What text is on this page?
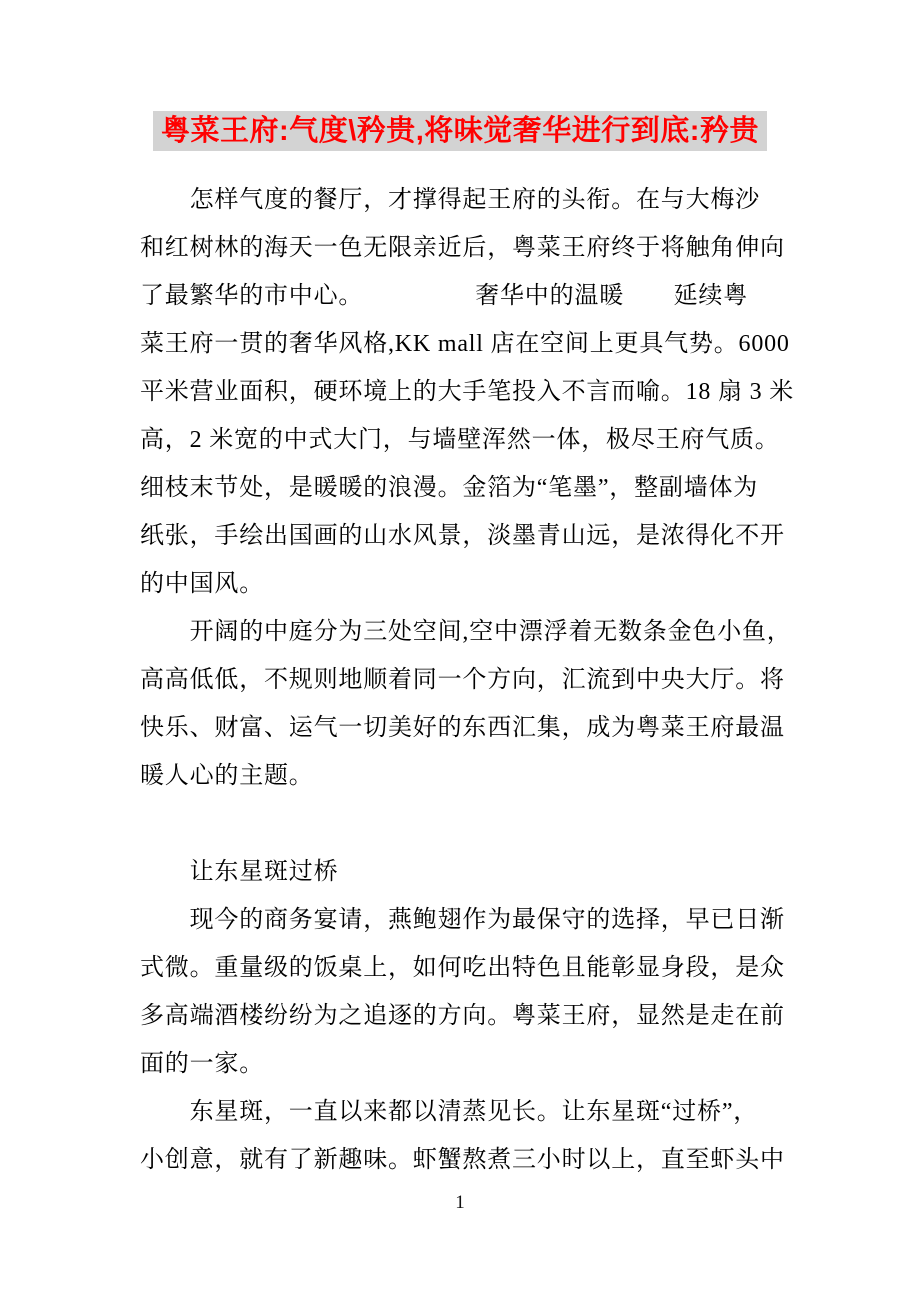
粤菜王府:气度\矜贵,将味觉奢华进行到底:矜贵
　　怎样气度的餐厅，才撑得起王府的头衔。在与大梅沙
和红树林的海天一色无限亲近后，粤菜王府终于将触角伸向
了最繁华的市中心。　　　　　奢华中的温暖　　延续粤
菜王府一贯的奢华风格,KK mall 店在空间上更具气势。6000
平米营业面积，硬环境上的大手笔投入不言而喻。18 扇 3 米
高，2 米宽的中式大门，与墙壁浑然一体，极尽王府气质。
细枝末节处，是暖暖的浪漫。金箔为“笔墨”，整副墙体为
纸张，手绘出国画的山水风景，淡墨青山远，是浓得化不开
的中国风。
　　开阔的中庭分为三处空间,空中漂浮着无数条金色小鱼，
高高低低，不规则地顺着同一个方向，汇流到中央大厅。将
快乐、财富、运气一切美好的东西汇集，成为粤菜王府最温
暖人心的主题。
　　让东星斑过桥
　　现今的商务宴请，燕鲍翅作为最保守的选择，早已日渐
式微。重量级的饭桌上，如何吃出特色且能彰显身段，是众
多高端酒楼纷纷为之追逐的方向。粤菜王府，显然是走在前
面的一家。
　　东星斑，一直以来都以清蒸见长。让东星斑“过桥”，
小创意，就有了新趣味。虾蟹熬煮三小时以上，直至虾头中
1
